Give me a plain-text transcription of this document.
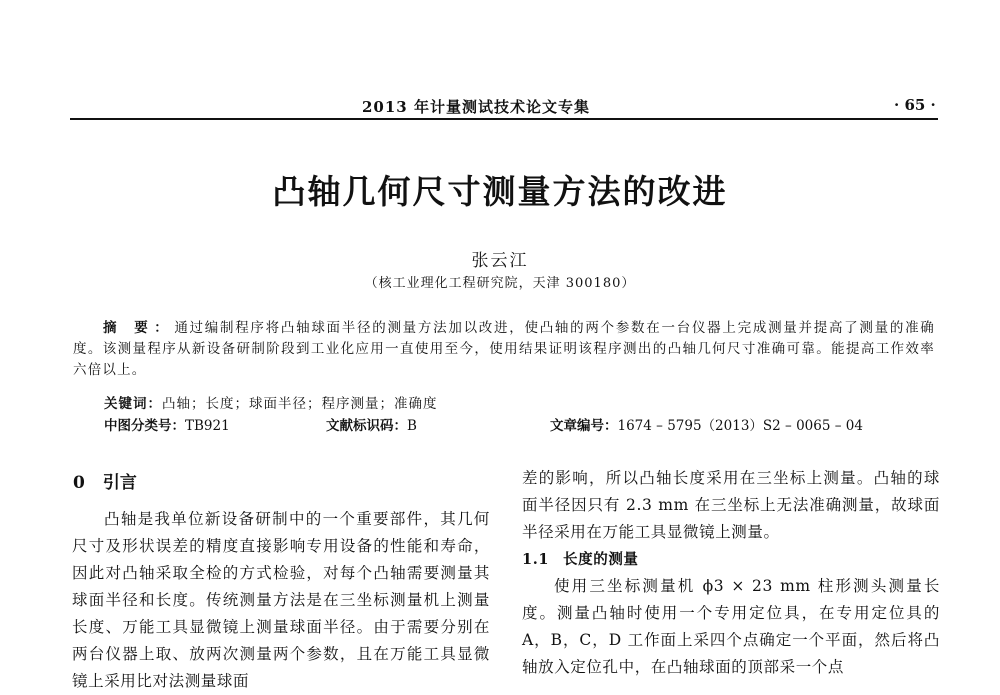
2013 年计量测试技术论文专集	· 65 ·
凸轴几何尺寸测量方法的改进
张云江
（核工业理化工程研究院，天津 300180）
摘 要：通过编制程序将凸轴球面半径的测量方法加以改进，使凸轴的两个参数在一台仪器上完成测量并提高了测量的准确度。该测量程序从新设备研制阶段到工业化应用一直使用至今，使用结果证明该程序测出的凸轴几何尺寸准确可靠。能提高工作效率六倍以上。
关键词：凸轴；长度；球面半径；程序测量；准确度
中图分类号：TB921	文献标识码：B	文章编号：1674 – 5795（2013）S2 – 0065 – 04
0 引言

凸轴是我单位新设备研制中的一个重要部件，其几何尺寸及形状误差的精度直接影响专用设备的性能和寿命，因此对凸轴采取全检的方式检验，对每个凸轴需要测量其球面半径和长度。传统测量方法是在三坐标测量机上测量长度、万能工具显微镜上测量球面半径。由于需要分别在两台仪器上取、放两次测量两个参数，且在万能工具显微镜上采用比对法测量球面

差的影响，所以凸轴长度采用在三坐标上测量。凸轴的球面半径因只有 2.3 mm 在三坐标上无法准确测量，故球面半径采用在万能工具显微镜上测量。

1.1 长度的测量

使用三坐标测量机 ϕ3 × 23 mm 柱形测头测量长度。测量凸轴时使用一个专用定位具，在专用定位具的 A，B，C，D 工作面上采四个点确定一个平面，然后将凸轴放入定位孔中，在凸轴球面的顶部采一个点
